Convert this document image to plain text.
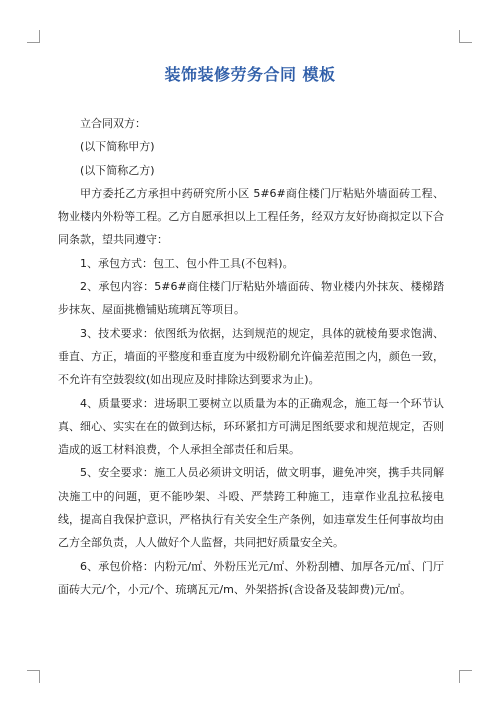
装饰装修劳务合同 模板

立合同双方：

(以下简称甲方)

(以下简称乙方)

甲方委托乙方承担中药研究所小区 5#6#商住楼门厅粘贴外墙面砖工程、物业楼内外粉等工程。乙方自愿承担以上工程任务，经双方友好协商拟定以下合同条款，望共同遵守：

1、承包方式：包工、包小件工具(不包料)。

2、承包内容：5#6#商住楼门厅粘贴外墙面砖、物业楼内外抹灰、楼梯踏步抹灰、屋面挑檐铺贴琉璃瓦等项目。

3、技术要求：依图纸为依据，达到规范的规定，具体的就棱角要求饱满、垂直、方正，墙面的平整度和垂直度为中级粉刷允许偏差范围之内，颜色一致，不允许有空鼓裂纹(如出现应及时排除达到要求为止)。

4、质量要求：进场职工要树立以质量为本的正确观念，施工每一个环节认真、细心、实实在在的做到达标，环环紧扣方可满足图纸要求和规范规定，否则造成的返工材料浪费，个人承担全部责任和后果。

5、安全要求：施工人员必须讲文明话，做文明事，避免冲突，携手共同解决施工中的问题，更不能吵架、斗殴、严禁跨工种施工，违章作业乱拉私接电线，提高自我保护意识，严格执行有关安全生产条例，如违章发生任何事故均由乙方全部负责，人人做好个人监督，共同把好质量安全关。

6、承包价格：内粉元/㎡、外粉压光元/㎡、外粉刮槽、加厚各元/㎡、门厅面砖大元/个，小元/个、琉璃瓦元/m、外架搭拆(含设备及装卸费)元/㎡。
